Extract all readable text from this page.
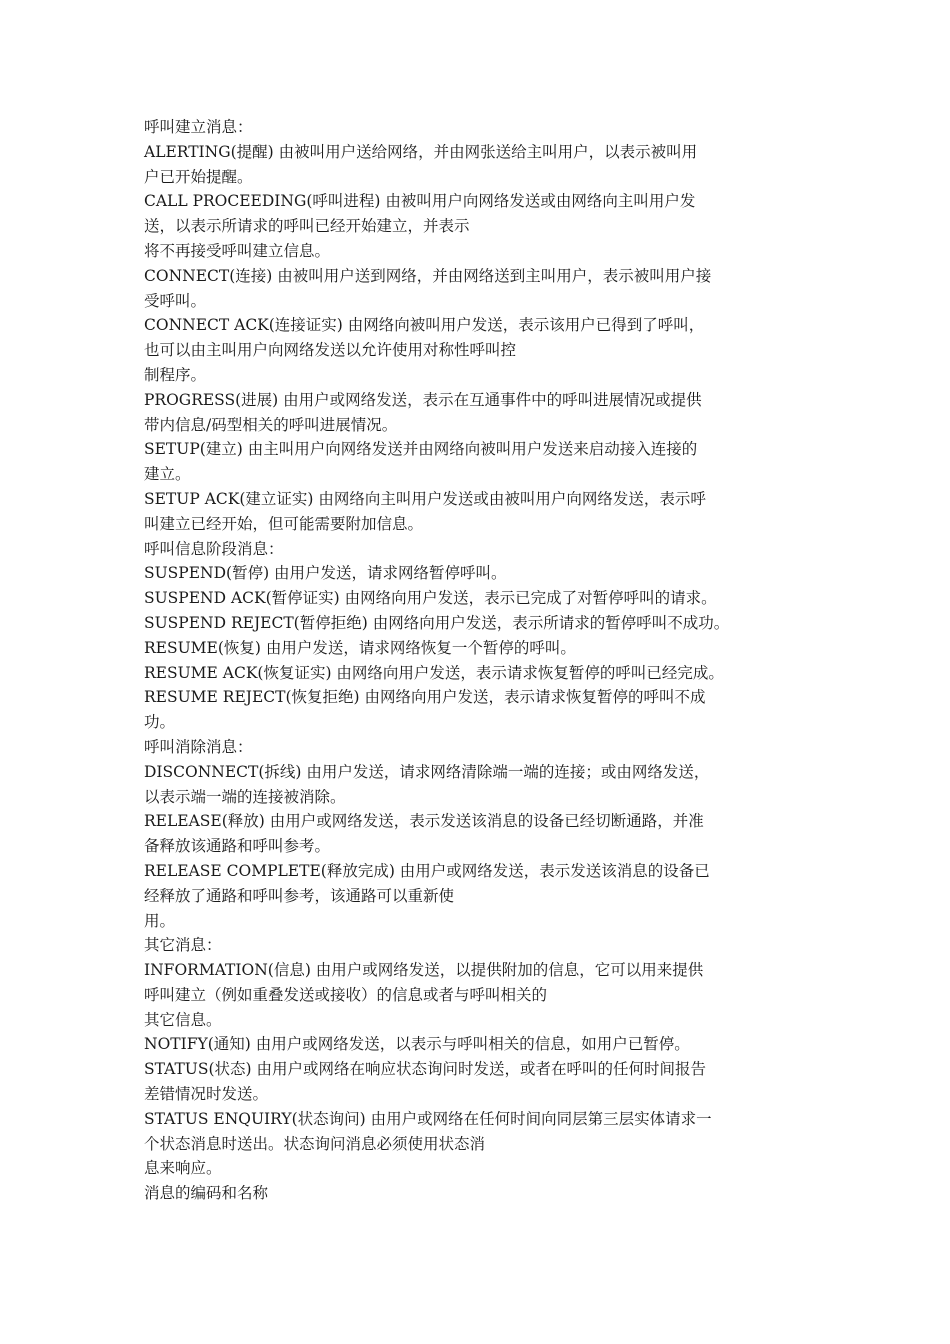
呼叫建立消息：
ALERTING(提醒) 由被叫用户送给网络，并由网张送给主叫用户，以表示被叫用
户已开始提醒。
CALL PROCEEDING(呼叫进程) 由被叫用户向网络发送或由网络向主叫用户发
送，以表示所请求的呼叫已经开始建立，并表示
将不再接受呼叫建立信息。
CONNECT(连接) 由被叫用户送到网络，并由网络送到主叫用户，表示被叫用户接
受呼叫。
CONNECT ACK(连接证实) 由网络向被叫用户发送，表示该用户已得到了呼叫，
也可以由主叫用户向网络发送以允许使用对称性呼叫控
制程序。
PROGRESS(进展) 由用户或网络发送，表示在互通事件中的呼叫进展情况或提供
带内信息/码型相关的呼叫进展情况。
SETUP(建立) 由主叫用户向网络发送并由网络向被叫用户发送来启动接入连接的
建立。
SETUP ACK(建立证实) 由网络向主叫用户发送或由被叫用户向网络发送，表示呼
叫建立已经开始，但可能需要附加信息。
呼叫信息阶段消息：
SUSPEND(暂停) 由用户发送，请求网络暂停呼叫。
SUSPEND ACK(暂停证实) 由网络向用户发送，表示已完成了对暂停呼叫的请求。
SUSPEND REJECT(暂停拒绝) 由网络向用户发送，表示所请求的暂停呼叫不成功。
RESUME(恢复) 由用户发送，请求网络恢复一个暂停的呼叫。
RESUME ACK(恢复证实) 由网络向用户发送，表示请求恢复暂停的呼叫已经完成。
RESUME REJECT(恢复拒绝) 由网络向用户发送，表示请求恢复暂停的呼叫不成
功。
呼叫消除消息：
DISCONNECT(拆线) 由用户发送，请求网络清除端一端的连接；或由网络发送，
以表示端一端的连接被消除。
RELEASE(释放) 由用户或网络发送，表示发送该消息的设备已经切断通路，并准
备释放该通路和呼叫参考。
RELEASE COMPLETE(释放完成) 由用户或网络发送，表示发送该消息的设备已
经释放了通路和呼叫参考，该通路可以重新使
用。
其它消息：
INFORMATION(信息) 由用户或网络发送，以提供附加的信息，它可以用来提供
呼叫建立（例如重叠发送或接收）的信息或者与呼叫相关的
其它信息。
NOTIFY(通知) 由用户或网络发送，以表示与呼叫相关的信息，如用户已暂停。
STATUS(状态) 由用户或网络在响应状态询问时发送，或者在呼叫的任何时间报告
差错情况时发送。
STATUS ENQUIRY(状态询问) 由用户或网络在任何时间向同层第三层实体请求一
个状态消息时送出。状态询问消息必须使用状态消
息来响应。
消息的编码和名称
